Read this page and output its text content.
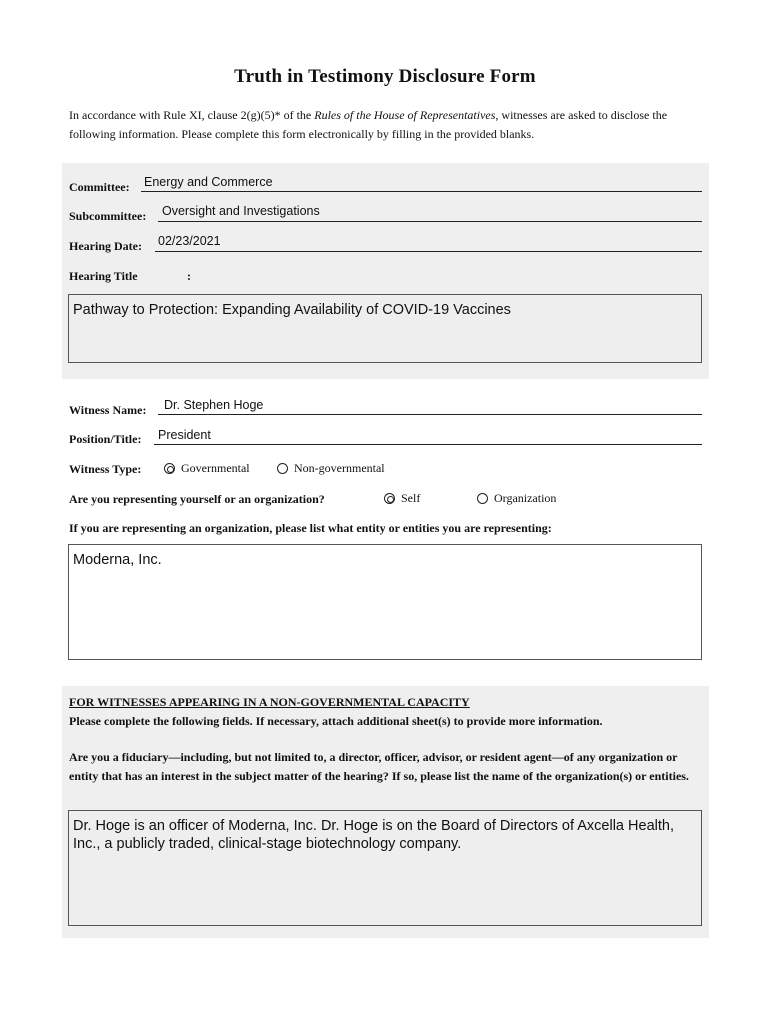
Truth in Testimony Disclosure Form
In accordance with Rule XI, clause 2(g)(5)* of the Rules of the House of Representatives, witnesses are asked to disclose the following information. Please complete this form electronically by filling in the provided blanks.
Committee: Energy and Commerce
Subcommittee: Oversight and Investigations
Hearing Date: 02/23/2021
Hearing Title	:
Pathway to Protection: Expanding Availability of COVID-19 Vaccines
Witness Name: Dr. Stephen Hoge
Position/Title: President
Witness Type:	Governmental	Non-governmental
Are you representing yourself or an organization?	Self	Organization
If you are representing an organization, please list what entity or entities you are representing:
Moderna, Inc.
FOR WITNESSES APPEARING IN A NON-GOVERNMENTAL CAPACITY
Please complete the following fields. If necessary, attach additional sheet(s) to provide more information.
Are you a fiduciary—including, but not limited to, a director, officer, advisor, or resident agent—of any organization or entity that has an interest in the subject matter of the hearing? If so, please list the name of the organization(s) or entities.
Dr. Hoge is an officer of Moderna, Inc. Dr. Hoge is on the Board of Directors of Axcella Health, Inc., a publicly traded, clinical-stage biotechnology company.
